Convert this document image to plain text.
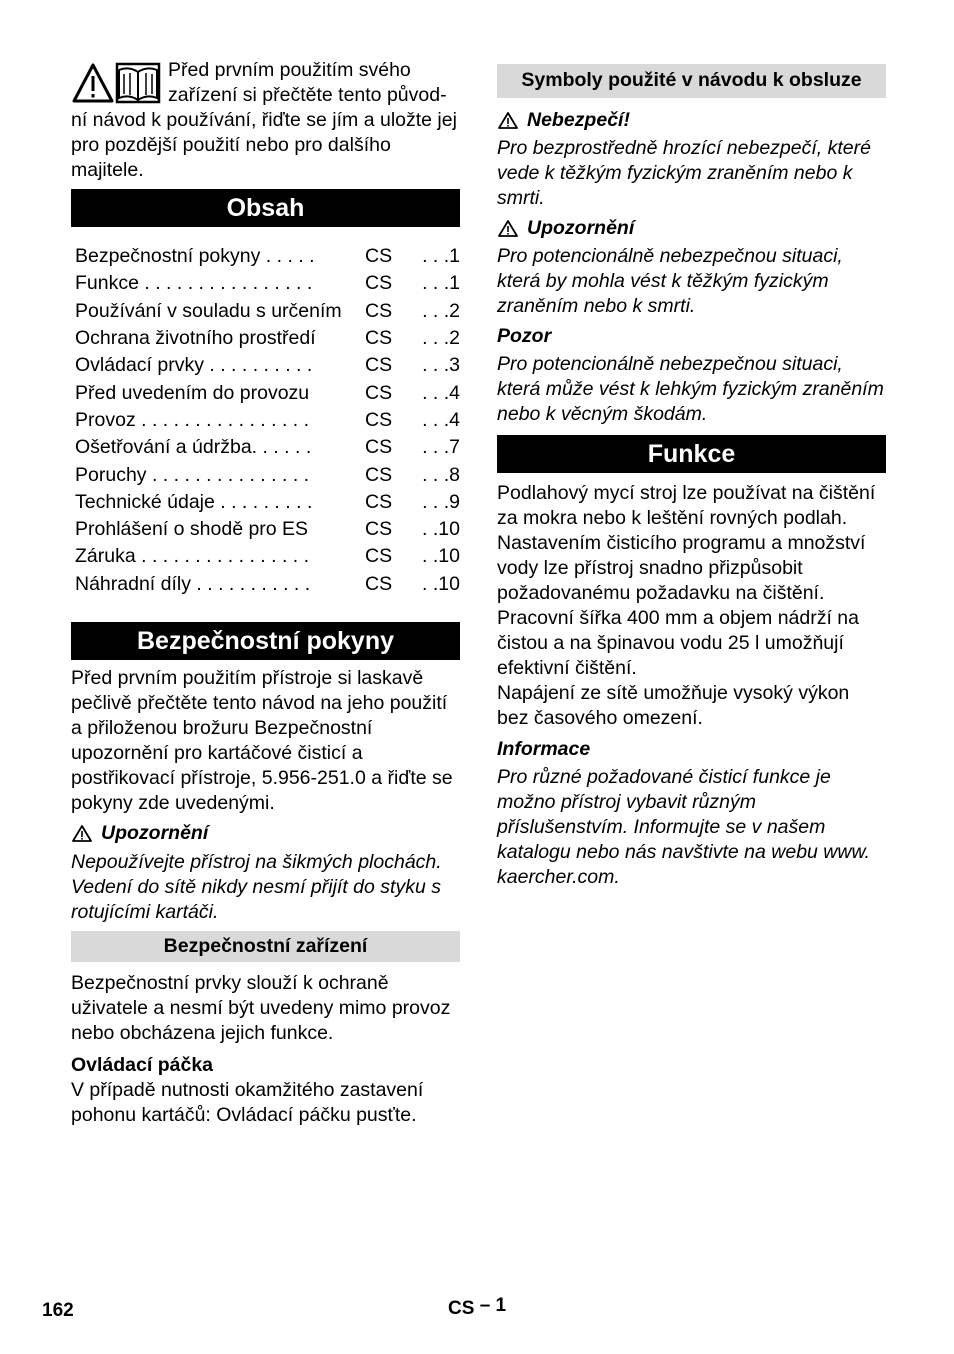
Před prvním použitím svého
zařízení si přečtěte tento původ-
ní návod k používání, řiďte se jím a uložte jej pro pozdější použití nebo pro dalšího majitele.

Obsah
Bezpečnostní pokyny . . . . .	CS	. . .1
Funkce . . . . . . . . . . . . . . . .	CS	. . .1
Používání v souladu s určením	CS	. . .2
Ochrana životního prostředí	CS	. . .2
Ovládací prvky . . . . . . . . . .	CS	. . .3
Před uvedením do provozu	CS	. . .4
Provoz . . . . . . . . . . . . . . . .	CS	. . .4
Ošetřování a údržba. . . . . .	CS	. . .7
Poruchy . . . . . . . . . . . . . . .	CS	. . .8
Technické údaje . . . . . . . . .	CS	. . .9
Prohlášení o shodě pro ES	CS	. .10
Záruka . . . . . . . . . . . . . . . .	CS	. .10
Náhradní díly . . . . . . . . . . .	CS	. .10
Bezpečnostní pokyny

Před prvním použitím přístroje si laskavě pečlivě přečtěte tento návod na jeho použití a přiloženou brožuru Bezpečnostní upozornění pro kartáčové čisticí a postřikovací přístroje, 5.956-251.0 a řiďte se pokyny zde uvedenými.

Upozornění

Nepoužívejte přístroj na šikmých plochách. Vedení do sítě nikdy nesmí přijít do styku s rotujícími kartáči.

Bezpečnostní zařízení

Bezpečnostní prvky slouží k ochraně uživatele a nesmí být uvedeny mimo provoz nebo obcházena jejich funkce.

Ovládací páčka

V případě nutnosti okamžitého zastavení pohonu kartáčů: Ovládací páčku pusťte.

Symboly použité v návodu k obsluze
Nebezpečí!

Pro bezprostředně hrozící nebezpečí, které vede k těžkým fyzickým zraněním nebo k smrti.

Upozornění

Pro potencionálně nebezpečnou situaci, která by mohla vést k těžkým fyzickým zraněním nebo k smrti.

Pozor

Pro potencionálně nebezpečnou situaci, která může vést k lehkým fyzickým zraněním nebo k věcným škodám.

Funkce

Podlahový mycí stroj lze používat na čištění za mokra nebo k leštění rovných podlah. Nastavením čisticího programu a množství vody lze přístroj snadno přizpůsobit požadovanému požadavku na čištění. Pracovní šířka 400 mm a objem nádrží na čistou a na špinavou vodu 25 l umožňují efektivní čištění.

Napájení ze sítě umožňuje vysoký výkon bez časového omezení.

Informace

Pro různé požadované čisticí funkce je možno přístroj vybavit různým příslušenstvím. Informujte se v našem katalogu nebo nás navštivte na webu www. kaercher.com.

162	CS – 1
